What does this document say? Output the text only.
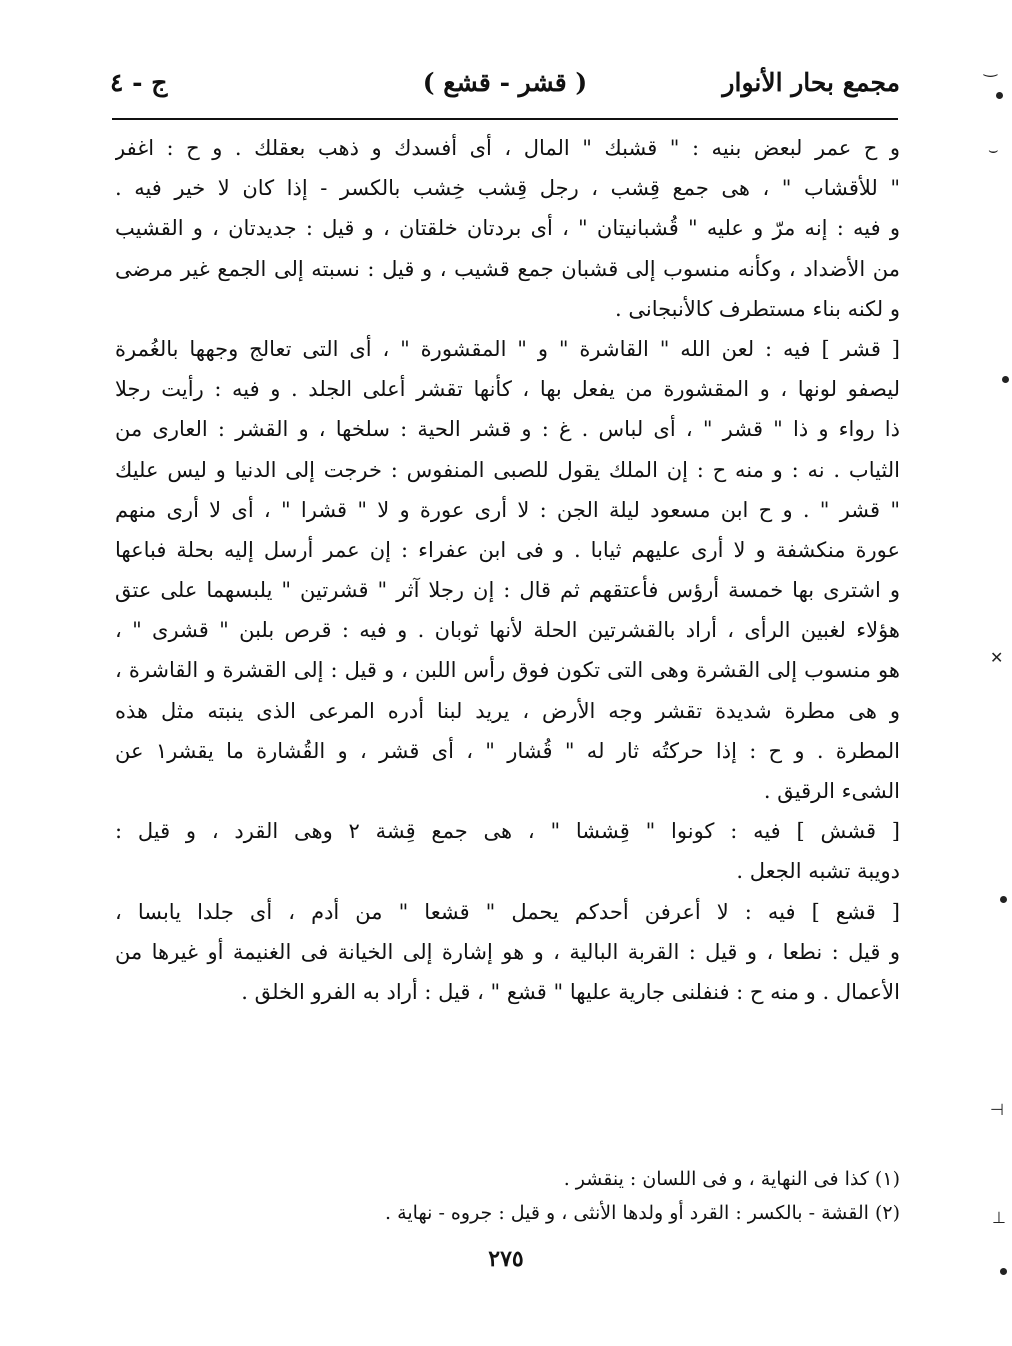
مجمع بحار الأنوار
( قشر - قشع )
ج - ٤
و ح عمر لبعض بنيه : " قشبك " المال ، أى أفسدك و ذهب بعقلك . و ح : اغفر
" للأقشاب " ، هى جمع قِشب ، رجل قِشب خِشب بالكسر - إذا كان لا خير فيه .
و فيه : إنه مرّ و عليه " قُشبانيتان " ، أى بردتان خلقتان ، و قيل : جديدتان ، و القشيب
من الأضداد ، وكأنه منسوب إلى قشبان جمع قشيب ، و قيل : نسبته إلى الجمع غير مرضى
و لكنه بناء مستطرف كالأنبجانى .
[ قشر ] فيه : لعن الله " القاشرة " و " المقشورة " ، أى التى تعالج وجهها بالغُمرة
ليصفو لونها ، و المقشورة من يفعل بها ، كأنها تقشر أعلى الجلد . و فيه : رأيت رجلا
ذا رواء و ذا " قشر " ، أى لباس . غ : و قشر الحية : سلخها ، و القشر : العارى من
الثياب . نه : و منه ح : إن الملك يقول للصبى المنفوس : خرجت إلى الدنيا و ليس عليك
" قشر " . و ح ابن مسعود ليلة الجن : لا أرى عورة و لا " قشرا " ، أى لا أرى منهم
عورة منكشفة و لا أرى عليهم ثيابا . و فى ابن عفراء : إن عمر أرسل إليه بحلة فباعها
و اشترى بها خمسة أرؤس فأعتقهم ثم قال : إن رجلا آثر " قشرتين " يلبسهما على عتق
هؤلاء لغبين الرأى ، أراد بالقشرتين الحلة لأنها ثوبان . و فيه : قرص بلبن " قشرى " ،
هو منسوب إلى القشرة وهى التى تكون فوق رأس اللبن ، و قيل : إلى القشرة و القاشرة ،
و هى مطرة شديدة تقشر وجه الأرض ، يريد لبنا أدره المرعى الذى ينبته مثل هذه
المطرة . و ح : إذا حركتُه ثار له " قُشار " ، أى قشر ، و القُشارة ما يقشر١ عن
الشىء الرقيق .
[ قشش ] فيه : كونوا " قِششا " ، هى جمع قِشة ٢ وهى القرد ، و قيل :
دويبة تشبه الجعل .
[ قشع ] فيه : لا أعرفن أحدكم يحمل " قشعا " من أدم ، أى جلدا يابسا ،
و قيل : نطعا ، و قيل : القربة البالية ، و هو إشارة إلى الخيانة فى الغنيمة أو غيرها من
الأعمال . و منه ح : فنفلنى جارية عليها " قشع " ، قيل : أراد به الفرو الخلق .
(١) كذا فى النهاية ، و فى اللسان : ينقشر .
(٢) القشة - بالكسر : القرد أو ولدها الأنثى ، و قيل : جروه - نهاية .
٢٧٥
‿
⌣
✕
⊣
⊥
